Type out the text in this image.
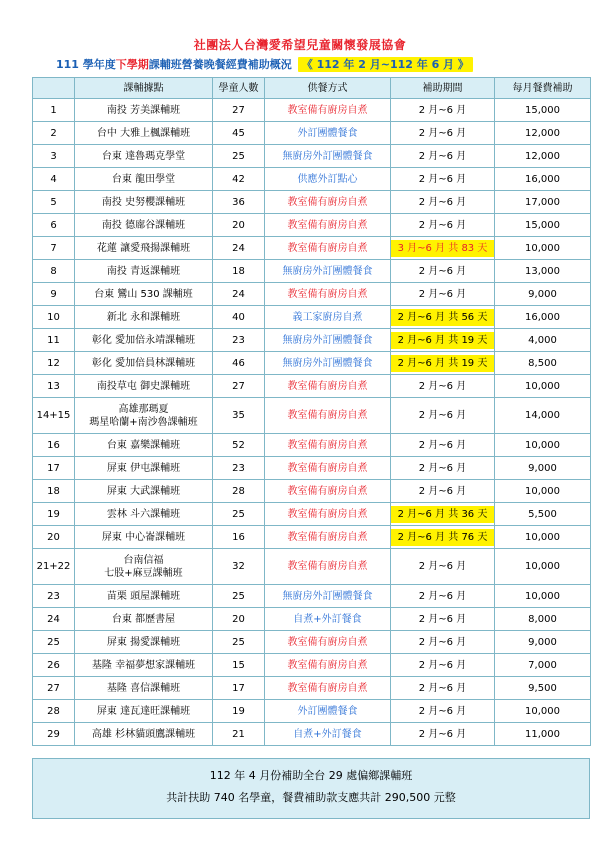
社團法人台灣愛希望兒童關懷發展協會
111 學年度下學期課輔班營養晚餐經費補助概況 《 112 年 2 月~112 年 6 月 》
	課輔據點	學童人數	供餐方式	補助期間	每月餐費補助
1	南投 芳美課輔班	27	教室備有廚房自煮	2 月~6 月	15,000
2	台中 大雅上楓課輔班	45	外訂團體餐食	2 月~6 月	12,000
3	台東 達魯瑪克學堂	25	無廚房外訂團體餐食	2 月~6 月	12,000
4	台東 龍田學堂	42	供應外訂點心	2 月~6 月	16,000
5	南投 史努櫻課輔班	36	教室備有廚房自煮	2 月~6 月	17,000
6	南投 德廍谷課輔班	20	教室備有廚房自煮	2 月~6 月	15,000
7	花蓮 讓愛飛揚課輔班	24	教室備有廚房自煮	3 月~6 月 共 83 天	10,000
8	南投 青返課輔班	18	無廚房外訂團體餐食	2 月~6 月	13,000
9	台東 鸞山 530 課輔班	24	教室備有廚房自煮	2 月~6 月	9,000
10	新北 永和課輔班	40	義工家廚房自煮	2 月~6 月 共 56 天	16,000
11	彰化 愛加倍永靖課輔班	23	無廚房外訂團體餐食	2 月~6 月 共 19 天	4,000
12	彰化 愛加倍員林課輔班	46	無廚房外訂團體餐食	2 月~6 月 共 19 天	8,500
13	南投草屯 御史課輔班	27	教室備有廚房自煮	2 月~6 月	10,000
14+15	高雄那瑪夏
瑪星哈蘭+南沙魯課輔班	35	教室備有廚房自煮	2 月~6 月	14,000
16	台東 嘉樂課輔班	52	教室備有廚房自煮	2 月~6 月	10,000
17	屏東 伊屯課輔班	23	教室備有廚房自煮	2 月~6 月	9,000
18	屏東 大武課輔班	28	教室備有廚房自煮	2 月~6 月	10,000
19	雲林 斗六課輔班	25	教室備有廚房自煮	2 月~6 月 共 36 天	5,500
20	屏東 中心崙課輔班	16	教室備有廚房自煮	2 月~6 月 共 76 天	10,000
21+22	台南信福
七股+麻豆課輔班	32	教室備有廚房自煮	2 月~6 月	10,000
23	苗栗 頭屋課輔班	25	無廚房外訂團體餐食	2 月~6 月	10,000
24	台東 都歷書屋	20	自煮+外訂餐食	2 月~6 月	8,000
25	屏東 揚愛課輔班	25	教室備有廚房自煮	2 月~6 月	9,000
26	基隆 幸福夢想家課輔班	15	教室備有廚房自煮	2 月~6 月	7,000
27	基隆 喜信課輔班	17	教室備有廚房自煮	2 月~6 月	9,500
28	屏東 達瓦達旺課輔班	19	外訂團體餐食	2 月~6 月	10,000
29	高雄 杉林貓頭鷹課輔班	21	自煮+外訂餐食	2 月~6 月	11,000
112 年 4 月份補助全台 29 處偏鄉課輔班
共計扶助 740 名學童，餐費補助款支應共計 290,500 元整
